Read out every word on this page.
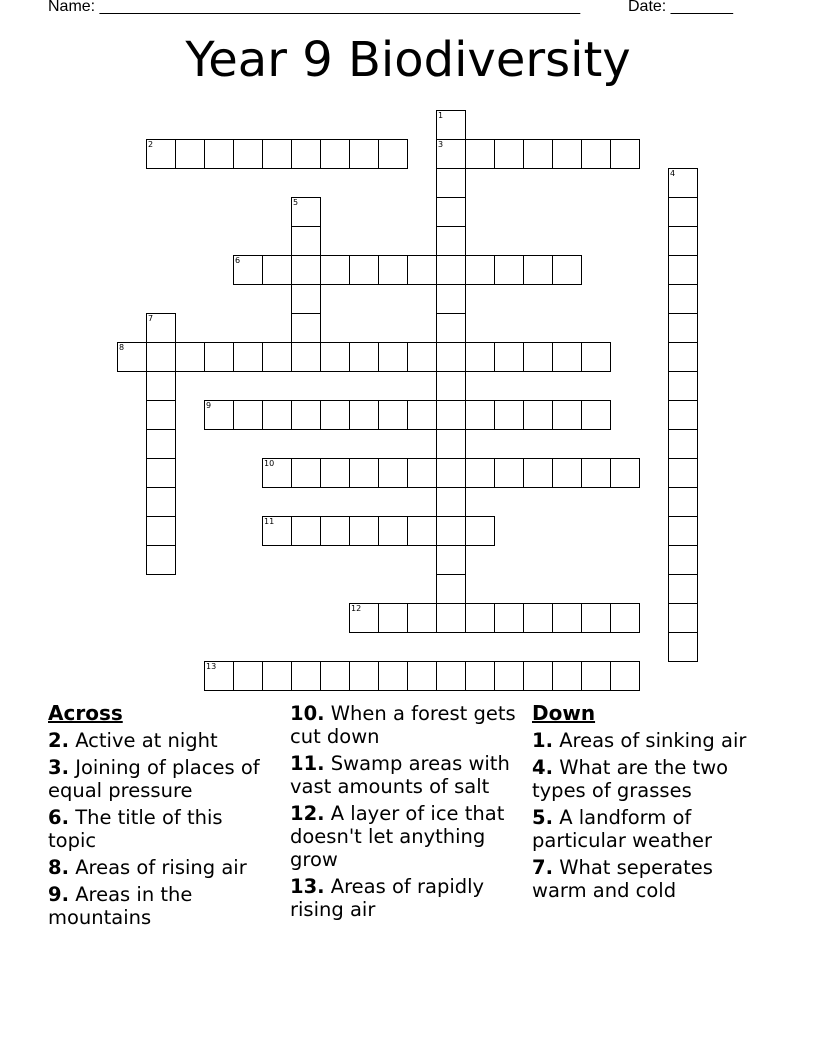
Name: ______________________________________________________	Date: _______
Year 9 Biodiversity
2	3
6
8
9
10
11
12
13
1
4
5
7
Across
2. Active at night
3. Joining of places of equal pressure
6. The title of this topic
8. Areas of rising air
9. Areas in the mountains
10. When a forest gets cut down
11. Swamp areas with vast amounts of salt
12. A layer of ice that doesn't let anything grow
13. Areas of rapidly rising air
Down
1. Areas of sinking air
4. What are the two types of grasses
5. A landform of particular weather
7. What seperates warm and cold
